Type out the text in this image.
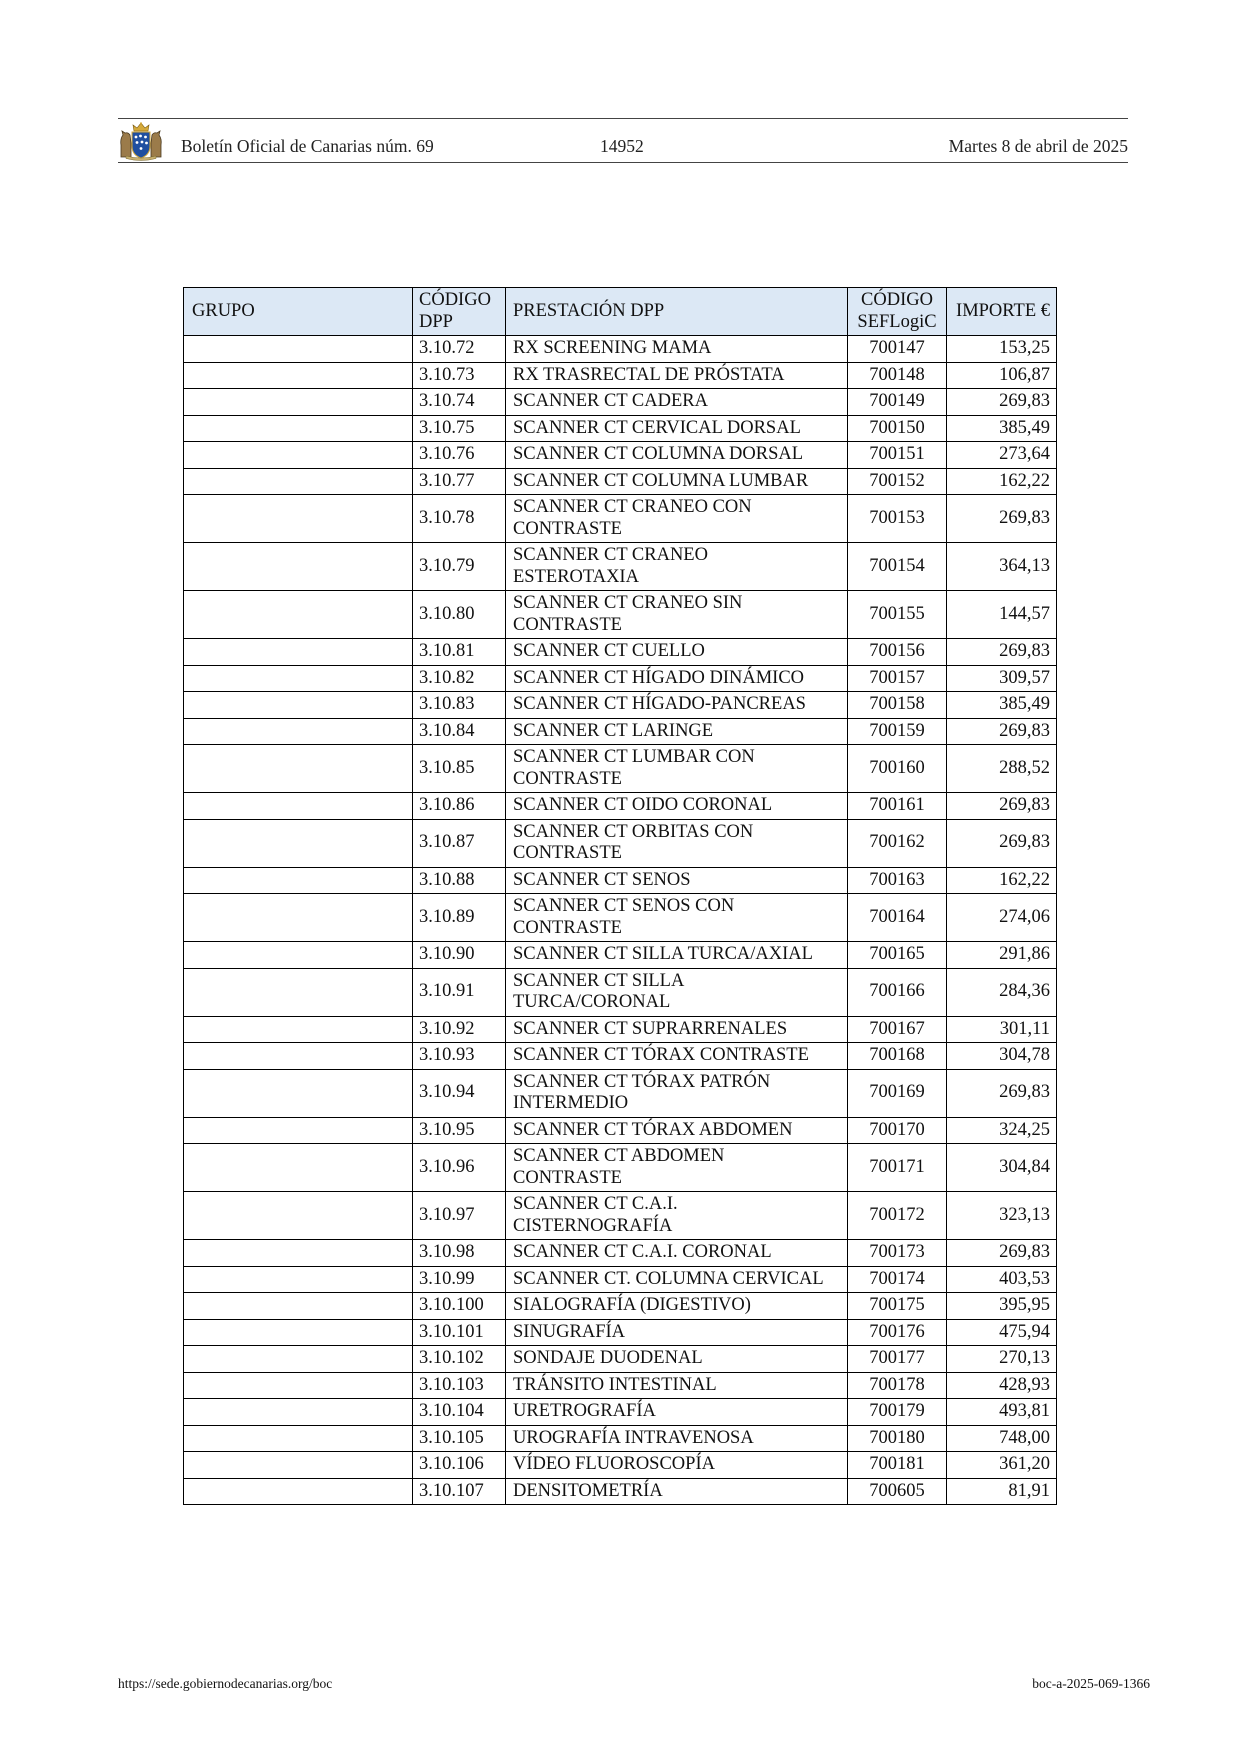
Boletín Oficial de Canarias núm. 69	14952	Martes 8 de abril de 2025
GRUPO	CÓDIGO DPP	PRESTACIÓN DPP	CÓDIGO SEFLogiC	IMPORTE €
	3.10.72	RX SCREENING MAMA	700147	153,25
	3.10.73	RX TRASRECTAL DE PRÓSTATA	700148	106,87
	3.10.74	SCANNER CT CADERA	700149	269,83
	3.10.75	SCANNER CT CERVICAL DORSAL	700150	385,49
	3.10.76	SCANNER CT COLUMNA DORSAL	700151	273,64
	3.10.77	SCANNER CT COLUMNA LUMBAR	700152	162,22
	3.10.78	SCANNER CT CRANEO CON CONTRASTE	700153	269,83
	3.10.79	SCANNER CT CRANEO ESTEROTAXIA	700154	364,13
	3.10.80	SCANNER CT CRANEO SIN CONTRASTE	700155	144,57
	3.10.81	SCANNER CT CUELLO	700156	269,83
	3.10.82	SCANNER CT HÍGADO DINÁMICO	700157	309,57
	3.10.83	SCANNER CT HÍGADO-PANCREAS	700158	385,49
	3.10.84	SCANNER CT LARINGE	700159	269,83
	3.10.85	SCANNER CT LUMBAR CON CONTRASTE	700160	288,52
	3.10.86	SCANNER CT OIDO CORONAL	700161	269,83
	3.10.87	SCANNER CT ORBITAS CON CONTRASTE	700162	269,83
	3.10.88	SCANNER CT SENOS	700163	162,22
	3.10.89	SCANNER CT SENOS CON CONTRASTE	700164	274,06
	3.10.90	SCANNER CT SILLA TURCA/AXIAL	700165	291,86
	3.10.91	SCANNER CT SILLA TURCA/CORONAL	700166	284,36
	3.10.92	SCANNER CT SUPRARRENALES	700167	301,11
	3.10.93	SCANNER CT TÓRAX CONTRASTE	700168	304,78
	3.10.94	SCANNER CT TÓRAX PATRÓN INTERMEDIO	700169	269,83
	3.10.95	SCANNER CT TÓRAX ABDOMEN	700170	324,25
	3.10.96	SCANNER CT ABDOMEN CONTRASTE	700171	304,84
	3.10.97	SCANNER CT C.A.I. CISTERNOGRAFÍA	700172	323,13
	3.10.98	SCANNER CT C.A.I. CORONAL	700173	269,83
	3.10.99	SCANNER CT. COLUMNA CERVICAL	700174	403,53
	3.10.100	SIALOGRAFÍA (DIGESTIVO)	700175	395,95
	3.10.101	SINUGRAFÍA	700176	475,94
	3.10.102	SONDAJE DUODENAL	700177	270,13
	3.10.103	TRÁNSITO INTESTINAL	700178	428,93
	3.10.104	URETROGRAFÍA	700179	493,81
	3.10.105	UROGRAFÍA INTRAVENOSA	700180	748,00
	3.10.106	VÍDEO FLUOROSCOPÍA	700181	361,20
	3.10.107	DENSITOMETRÍA	700605	81,91
https://sede.gobiernodecanarias.org/boc	boc-a-2025-069-1366
